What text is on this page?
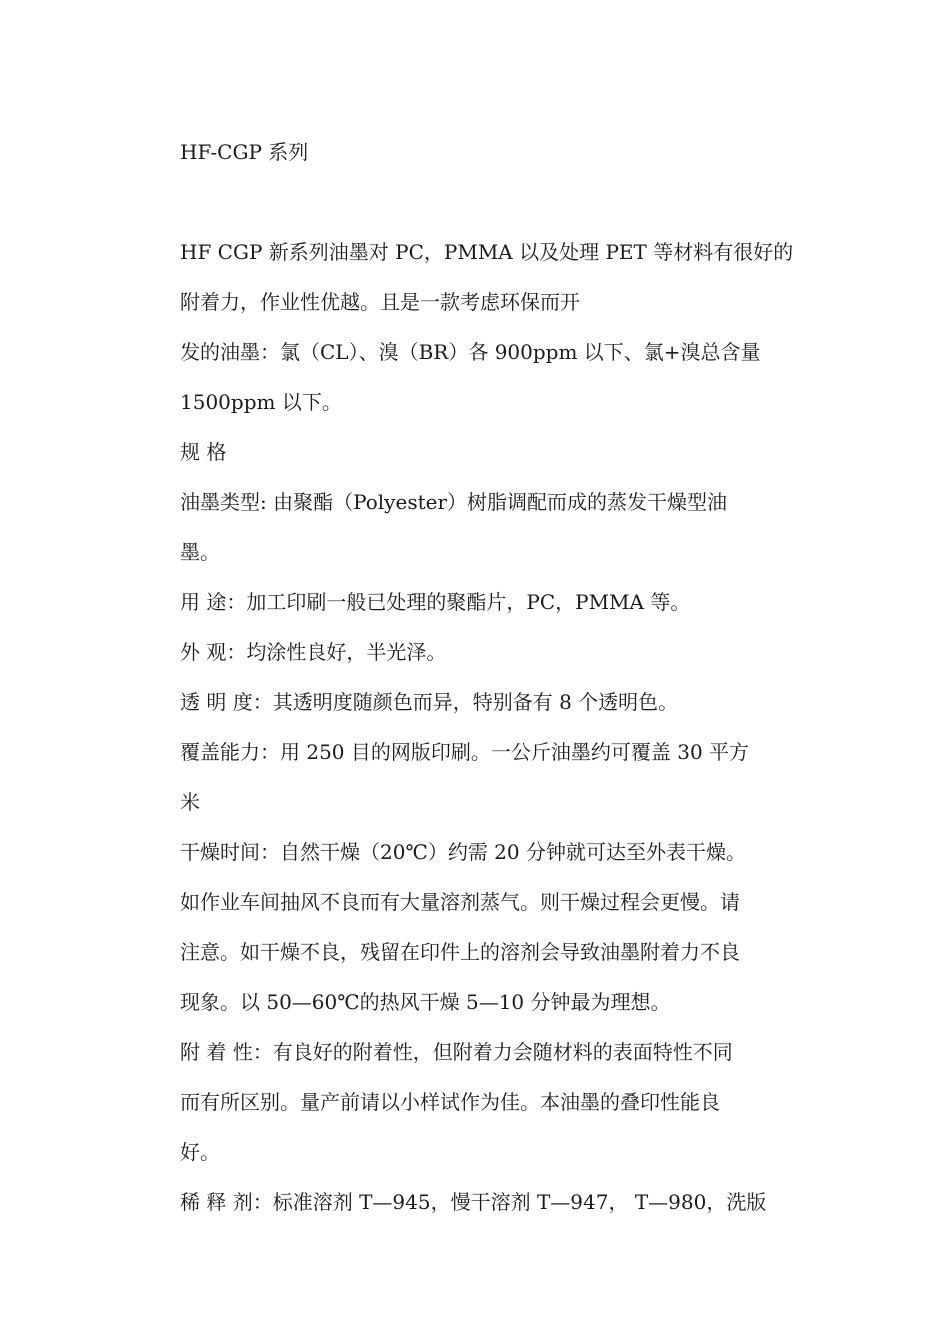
HF-CGP 系列

HF CGP 新系列油墨对 PC，PMMA 以及处理 PET 等材料有很好的

附着力，作业性优越。且是一款考虑环保而开

发的油墨：氯（CL）、溴（BR）各 900ppm 以下、氯+溴总含量

1500ppm 以下。

规 格

油墨类型: 由聚酯（Polyester）树脂调配而成的蒸发干燥型油

墨。

用 途：加工印刷一般已处理的聚酯片，PC，PMMA 等。

外 观：均涂性良好，半光泽。

透 明 度：其透明度随颜色而异，特别备有 8 个透明色。

覆盖能力：用 250 目的网版印刷。一公斤油墨约可覆盖 30 平方

米

干燥时间：自然干燥（20℃）约需 20 分钟就可达至外表干燥。

如作业车间抽风不良而有大量溶剂蒸气。则干燥过程会更慢。请

注意。如干燥不良，残留在印件上的溶剂会导致油墨附着力不良

现象。以 50—60℃的热风干燥 5—10 分钟最为理想。

附 着 性：有良好的附着性，但附着力会随材料的表面特性不同

而有所区别。量产前请以小样试作为佳。本油墨的叠印性能良

好。

稀 释 剂：标准溶剂 T—945，慢干溶剂 T—947， T—980，洗版
